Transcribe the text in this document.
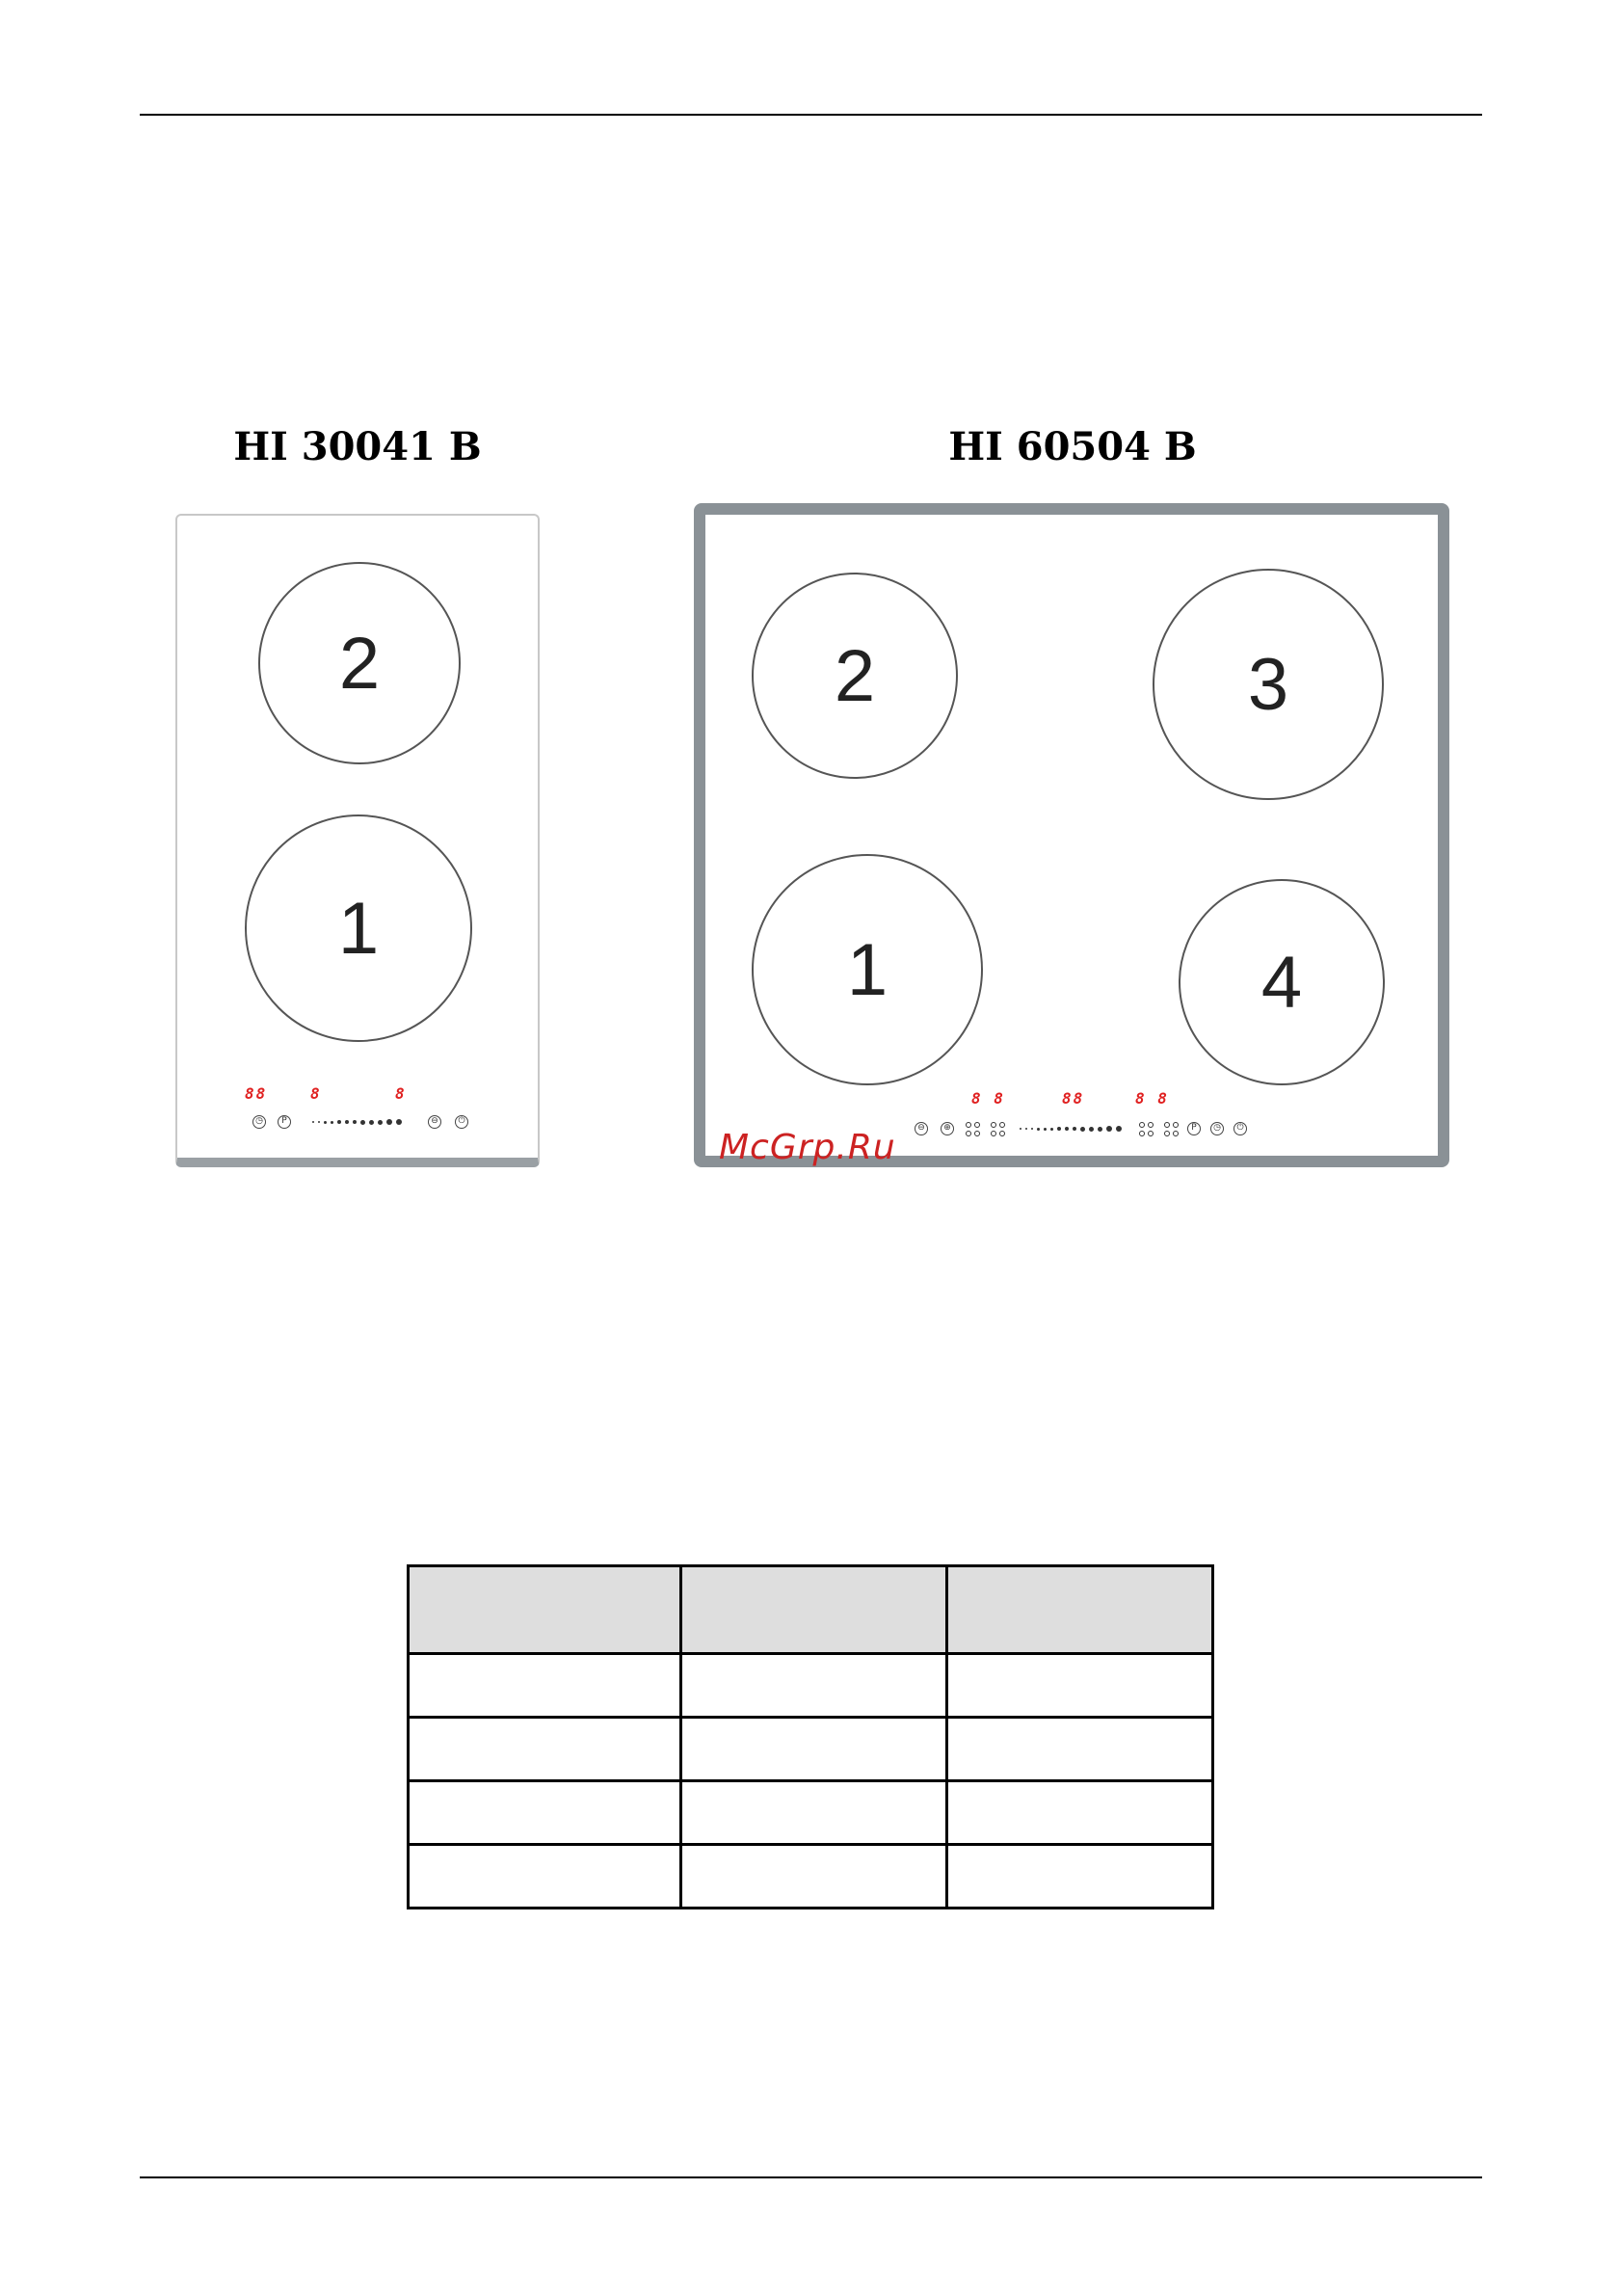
HI 30041 B	HI 60504 B
2
1
88	8	8
◷	P	⊖	⏻
2	3
1	4
8 8	88	8 8
⊖	⊕	P	◷	⏻
McGrp.Ru
